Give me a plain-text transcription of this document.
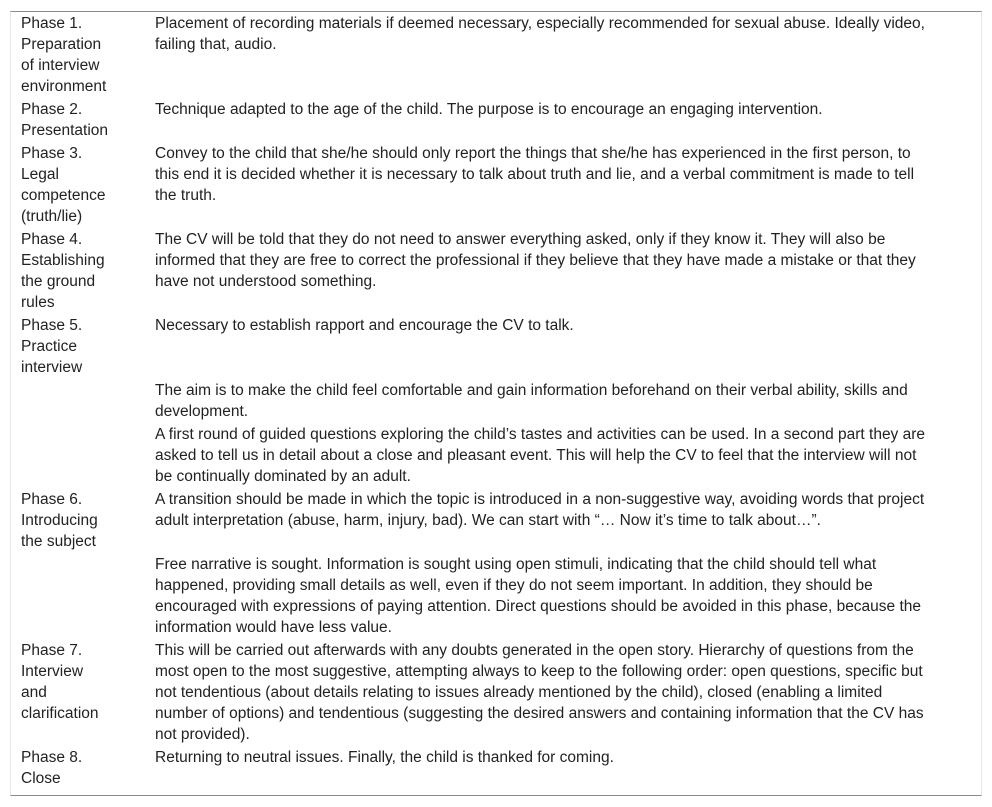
Phase 1.
Preparation
of interview
environment
Placement of recording materials if deemed necessary, especially recommended for sexual abuse. Ideally video,
failing that, audio.
Phase 2.
Presentation
Technique adapted to the age of the child. The purpose is to encourage an engaging intervention.
Phase 3.
Legal
competence
(truth/lie)
Convey to the child that she/he should only report the things that she/he has experienced in the first person, to
this end it is decided whether it is necessary to talk about truth and lie, and a verbal commitment is made to tell
the truth.
Phase 4.
Establishing
the ground
rules
The CV will be told that they do not need to answer everything asked, only if they know it. They will also be
informed that they are free to correct the professional if they believe that they have made a mistake or that they
have not understood something.
Phase 5.
Practice
interview
Necessary to establish rapport and encourage the CV to talk.
The aim is to make the child feel comfortable and gain information beforehand on their verbal ability, skills and
development.
A first round of guided questions exploring the child’s tastes and activities can be used. In a second part they are
asked to tell us in detail about a close and pleasant event. This will help the CV to feel that the interview will not
be continually dominated by an adult.
Phase 6.
Introducing
the subject
A transition should be made in which the topic is introduced in a non-suggestive way, avoiding words that project
adult interpretation (abuse, harm, injury, bad). We can start with “… Now it’s time to talk about…”.
Free narrative is sought. Information is sought using open stimuli, indicating that the child should tell what
happened, providing small details as well, even if they do not seem important. In addition, they should be
encouraged with expressions of paying attention. Direct questions should be avoided in this phase, because the
information would have less value.
Phase 7.
Interview
and
clarification
This will be carried out afterwards with any doubts generated in the open story. Hierarchy of questions from the
most open to the most suggestive, attempting always to keep to the following order: open questions, specific but
not tendentious (about details relating to issues already mentioned by the child), closed (enabling a limited
number of options) and tendentious (suggesting the desired answers and containing information that the CV has
not provided).
Phase 8.
Close
Returning to neutral issues. Finally, the child is thanked for coming.
